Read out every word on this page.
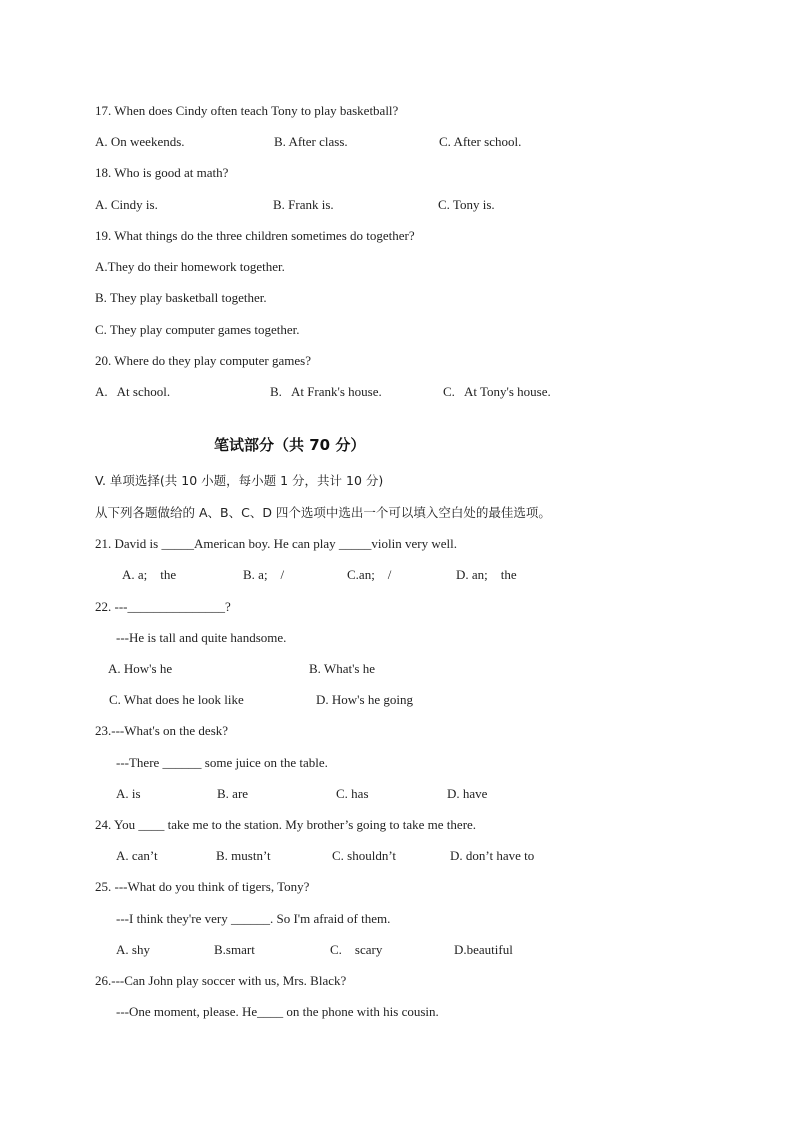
17. When does Cindy often teach Tony to play basketball?
A. On weekends.	B. After class.	C. After school.
18. Who is good at math?
A. Cindy is.	B. Frank is.	C. Tony is.
19. What things do the three children sometimes do together?
A.They do their homework together.
B. They play basketball together.
C. They play computer games together.
20. Where do they play computer games?
A.   At school.	B.   At Frank's house.	C.   At Tony's house.
笔试部分（共 70 分）
V. 单项选择(共 10 小题，每小题 1 分，共计 10 分)
从下列各题做给的 A、B、C、D 四个选项中选出一个可以填入空白处的最佳选项。
21. David is _____American boy. He can play _____violin very well.
A. a;    the	B. a;    /	C.an;    /	D. an;    the
22. ---_______________?
---He is tall and quite handsome.
A. How's he	B. What's he
C. What does he look like	D. How's he going
23.---What's on the desk?
---There ______ some juice on the table.
A. is	B. are	C. has	D. have
24. You ____ take me to the station. My brother’s going to take me there.
A. can’t	B. mustn’t	C. shouldn’t	D. don’t have to
25. ---What do you think of tigers, Tony?
---I think they're very ______. So I'm afraid of them.
A. shy	B.smart	C.    scary	D.beautiful
26.---Can John play soccer with us, Mrs. Black?
---One moment, please. He____ on the phone with his cousin.
